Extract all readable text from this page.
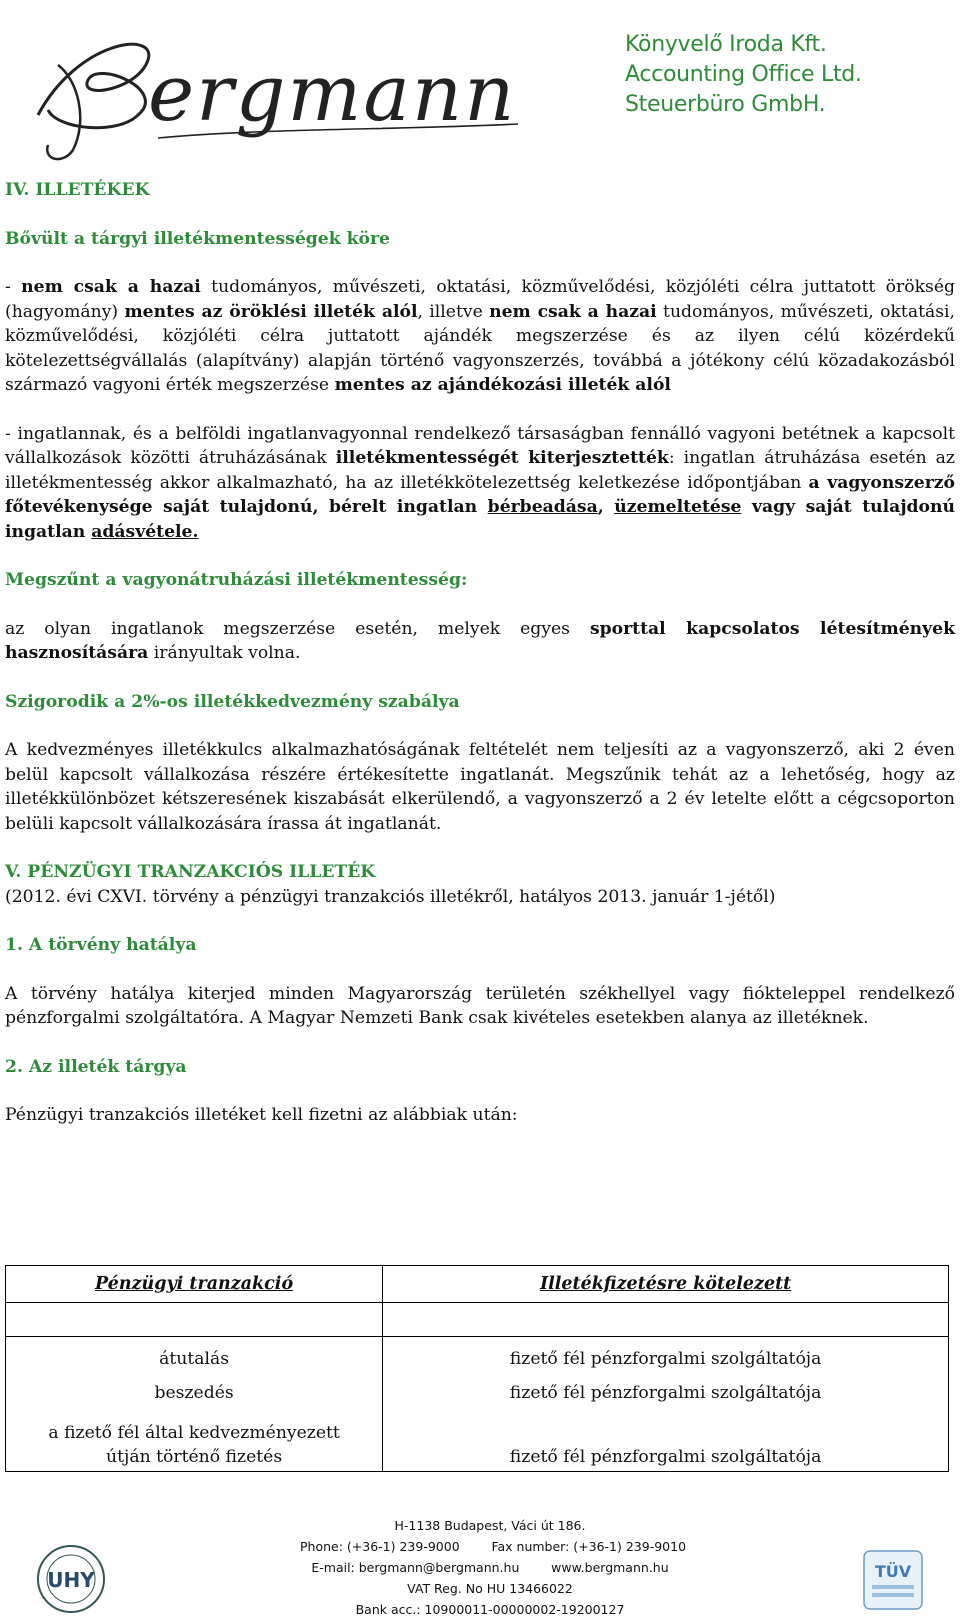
ergmann
Könyvelő Iroda Kft.
Accounting Office Ltd.
Steuerbüro GmbH.

IV. ILLETÉKEK

Bővült a tárgyi illetékmentességek köre

- nem csak a hazai tudományos, művészeti, oktatási, közművelődési, közjóléti célra juttatott örökség (hagyomány) mentes az öröklési illeték alól, illetve nem csak a hazai tudományos, művészeti, oktatási, közművelődési, közjóléti célra juttatott ajándék megszerzése és az ilyen célú közérdekű kötelezettségvállalás (alapítvány) alapján történő vagyonszerzés, továbbá a jótékony célú közadakozásból származó vagyoni érték megszerzése mentes az ajándékozási illeték alól

- ingatlannak, és a belföldi ingatlanvagyonnal rendelkező társaságban fennálló vagyoni betétnek a kapcsolt vállalkozások közötti átruházásának illetékmentességét kiterjesztették: ingatlan átruházása esetén az illetékmentesség akkor alkalmazható, ha az illetékkötelezettség keletkezése időpontjában a vagyonszerző főtevékenysége saját tulajdonú, bérelt ingatlan bérbeadása, üzemeltetése vagy saját tulajdonú ingatlan adásvétele.

Megszűnt a vagyonátruházási illetékmentesség:

az olyan ingatlanok megszerzése esetén, melyek egyes sporttal kapcsolatos létesítmények hasznosítására irányultak volna.

Szigorodik a 2%-os illetékkedvezmény szabálya

A kedvezményes illetékkulcs alkalmazhatóságának feltételét nem teljesíti az a vagyonszerző, aki 2 éven belül kapcsolt vállalkozása részére értékesítette ingatlanát. Megszűnik tehát az a lehetőség, hogy az illetékkülönbözet kétszeresének kiszabását elkerülendő, a vagyonszerző a 2 év letelte előtt a cégcsoporton belüli kapcsolt vállalkozására írassa át ingatlanát.

V. PÉNZÜGYI TRANZAKCIÓS ILLETÉK

(2012. évi CXVI. törvény a pénzügyi tranzakciós illetékről, hatályos 2013. január 1-jétől)

1. A törvény hatálya

A törvény hatálya kiterjed minden Magyarország területén székhellyel vagy fiókteleppel rendelkező pénzforgalmi szolgáltatóra. A Magyar Nemzeti Bank csak kivételes esetekben alanya az illetéknek.

2. Az illeték tárgya

Pénzügyi tranzakciós illetéket kell fizetni az alábbiak után:

Pénzügyi tranzakció	Illetékfizetésre kötelezett

átutalás	fizető fél pénzforgalmi szolgáltatója
beszedés	fizető fél pénzforgalmi szolgáltatója
a fizető fél által kedvezményezett útján történő fizetés	fizető fél pénzforgalmi szolgáltatója
UHY
H-1138 Budapest, Váci út 186.
Phone: (+36-1) 239-9000        Fax number: (+36-1) 239-9010
E-mail: bergmann@bergmann.hu        www.bergmann.hu
VAT Reg. No HU 13466022
Bank acc.: 10900011-00000002-19200127
TÜV
